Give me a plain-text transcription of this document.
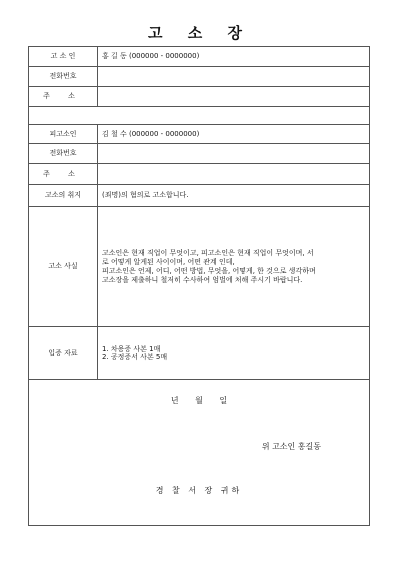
고 소 장
고 소 인	홍 길 동 (000000 - 0000000)
전화번호	
주 소	

피고소인	김 철 수 (000000 - 0000000)
전화번호	
주 소	
고소의 취지	(죄명)의 혐의로 고소합니다.
고소 사실	고소인은 현재 직업이 무엇이고, 피고소인은 현재 직업이 무엇이며, 서
로 어떻게 알게된 사이이며, 어떤 관계 인데,
피고소인은 언제, 어디, 어떤 방법, 무엇을, 어떻게, 한 것으로 생각하며
고소장을 제출하니 철저히 수사하여 엄벌에 처해 주시기 바랍니다.
입증 자료	1. 차용증 사본 1매
2. 공정증서 사본 5매

년 월 일
위 고소인 홍길동
경 찰 서 장 귀하	
